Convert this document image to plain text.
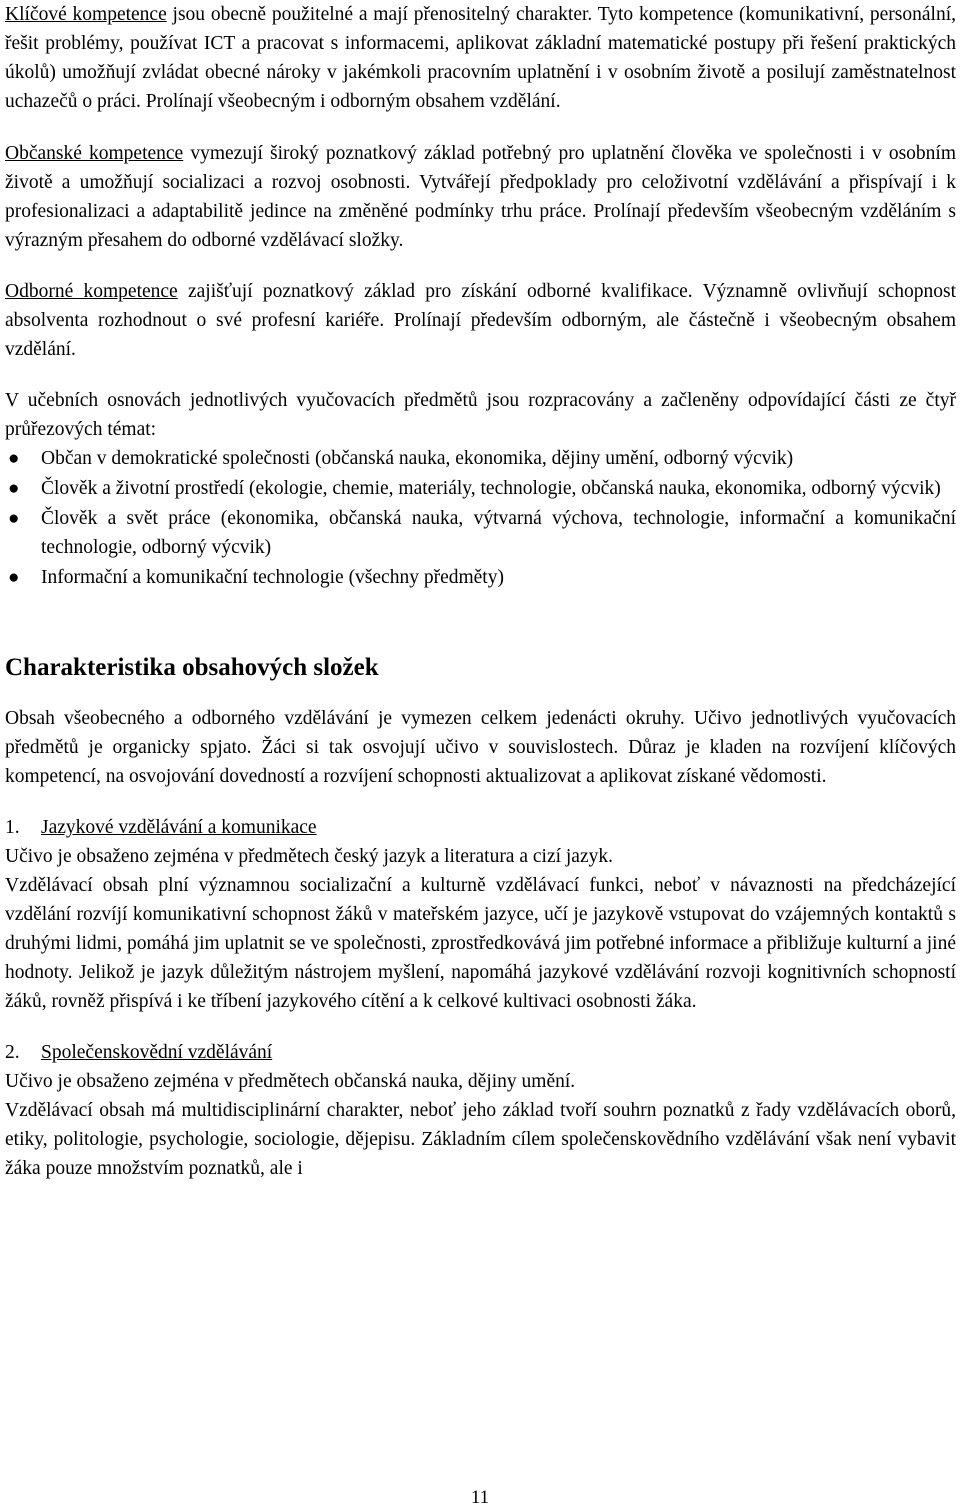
Klíčové kompetence jsou obecně použitelné a mají přenositelný charakter. Tyto kompetence (komunikativní, personální, řešit problémy, používat ICT a pracovat s informacemi, aplikovat základní matematické postupy při řešení praktických úkolů) umožňují zvládat obecné nároky v jakémkoli pracovním uplatnění i v osobním životě a posilují zaměstnatelnost uchazečů o práci. Prolínají všeobecným i odborným obsahem vzdělání.

Občanské kompetence vymezují široký poznatkový základ potřebný pro uplatnění člověka ve společnosti i v osobním životě a umožňují socializaci a rozvoj osobnosti. Vytvářejí předpoklady pro celoživotní vzdělávání a přispívají i k profesionalizaci a adaptabilitě jedince na změněné podmínky trhu práce. Prolínají především všeobecným vzděláním s výrazným přesahem do odborné vzdělávací složky.

Odborné kompetence zajišťují poznatkový základ pro získání odborné kvalifikace. Významně ovlivňují schopnost absolventa rozhodnout o své profesní kariéře. Prolínají především odborným, ale částečně i všeobecným obsahem vzdělání.

V učebních osnovách jednotlivých vyučovacích předmětů jsou rozpracovány a začleněny odpovídající části ze čtyř průřezových témat:

● Občan v demokratické společnosti (občanská nauka, ekonomika, dějiny umění, odborný výcvik)
● Člověk a životní prostředí (ekologie, chemie, materiály, technologie, občanská nauka, ekonomika, odborný výcvik)
● Člověk a svět práce (ekonomika, občanská nauka, výtvarná výchova, technologie, informační a komunikační technologie, odborný výcvik)
● Informační a komunikační technologie (všechny předměty)
Charakteristika obsahových složek

Obsah všeobecného a odborného vzdělávání je vymezen celkem jedenácti okruhy. Učivo jednotlivých vyučovacích předmětů je organicky spjato. Žáci si tak osvojují učivo v souvislostech. Důraz je kladen na rozvíjení klíčových kompetencí, na osvojování dovedností a rozvíjení schopnosti aktualizovat a aplikovat získané vědomosti.

1. Jazykové vzdělávání a komunikace

Učivo je obsaženo zejména v předmětech český jazyk a literatura a cizí jazyk.

Vzdělávací obsah plní významnou socializační a kulturně vzdělávací funkci, neboť v návaznosti na předcházející vzdělání rozvíjí komunikativní schopnost žáků v mateřském jazyce, učí je jazykově vstupovat do vzájemných kontaktů s druhými lidmi, pomáhá jim uplatnit se ve společnosti, zprostředkovává jim potřebné informace a přibližuje kulturní a jiné hodnoty. Jelikož je jazyk důležitým nástrojem myšlení, napomáhá jazykové vzdělávání rozvoji kognitivních schopností žáků, rovněž přispívá i ke tříbení jazykového cítění a k celkové kultivaci osobnosti žáka.

2. Společenskovědní vzdělávání

Učivo je obsaženo zejména v předmětech občanská nauka, dějiny umění.

Vzdělávací obsah má multidisciplinární charakter, neboť jeho základ tvoří souhrn poznatků z řady vzdělávacích oborů, etiky, politologie, psychologie, sociologie, dějepisu. Základním cílem společenskovědního vzdělávání však není vybavit žáka pouze množstvím poznatků, ale i

11
